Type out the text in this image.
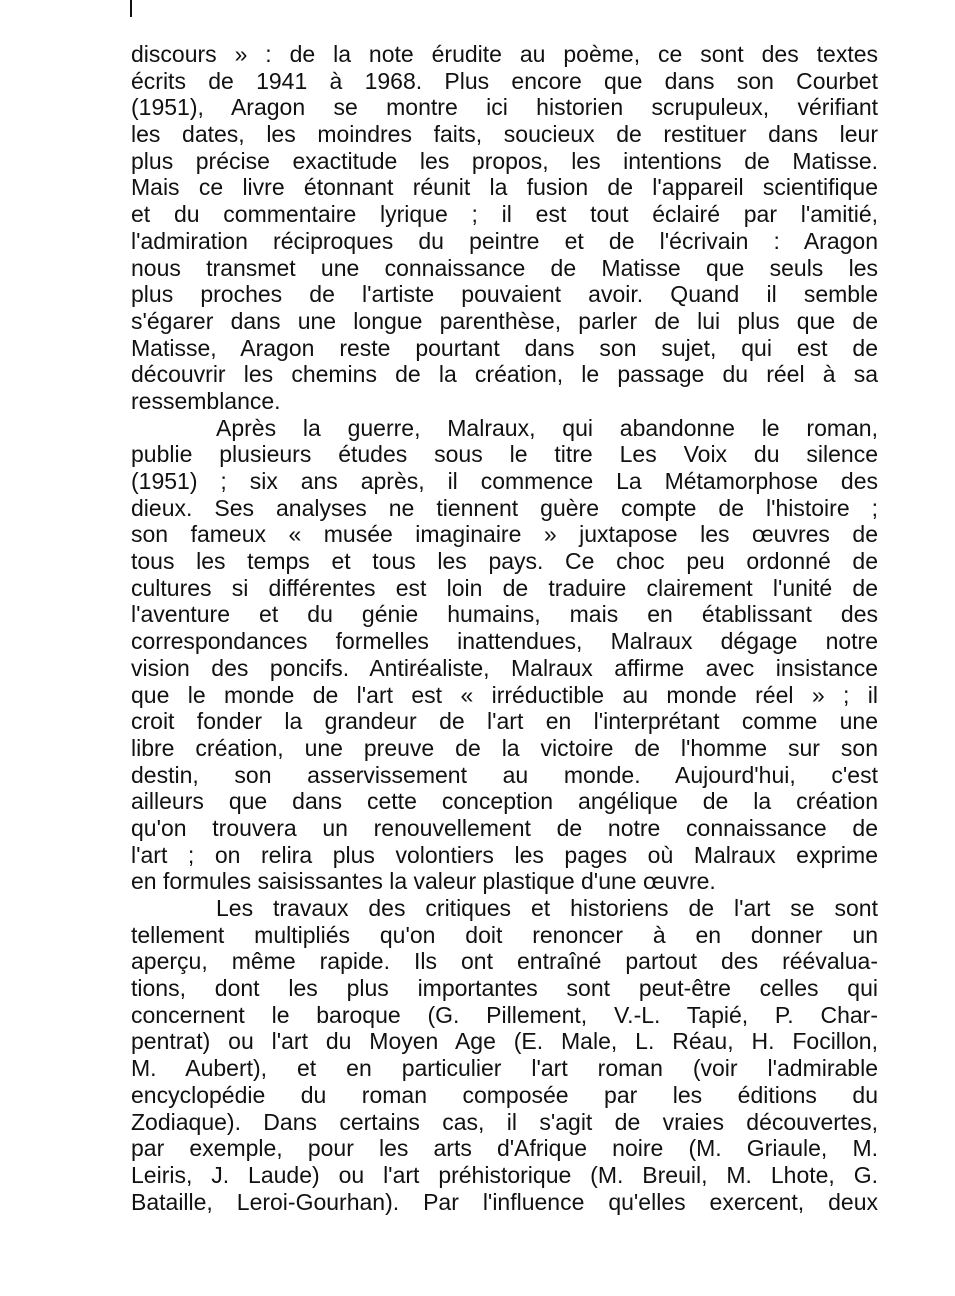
discours » : de la note érudite au poème, ce sont des textes
écrits de 1941 à 1968. Plus encore que dans son Courbet
(1951), Aragon se montre ici historien scrupuleux, vérifiant
les dates, les moindres faits, soucieux de restituer dans leur
plus précise exactitude les propos, les intentions de Matisse.
Mais ce livre étonnant réunit la fusion de l'appareil scientifique
et du commentaire lyrique ; il est tout éclairé par l'amitié,
l'admiration réciproques du peintre et de l'écrivain : Aragon
nous transmet une connaissance de Matisse que seuls les
plus proches de l'artiste pouvaient avoir. Quand il semble
s'égarer dans une longue parenthèse, parler de lui plus que de
Matisse, Aragon reste pourtant dans son sujet, qui est de
découvrir les chemins de la création, le passage du réel à sa
ressemblance.
Après la guerre, Malraux, qui abandonne le roman,
publie plusieurs études sous le titre Les Voix du silence
(1951) ; six ans après, il commence La Métamorphose des
dieux. Ses analyses ne tiennent guère compte de l'histoire ;
son fameux « musée imaginaire » juxtapose les œuvres de
tous les temps et tous les pays. Ce choc peu ordonné de
cultures si différentes est loin de traduire clairement l'unité de
l'aventure et du génie humains, mais en établissant des
correspondances formelles inattendues, Malraux dégage notre
vision des poncifs. Antiréaliste, Malraux affirme avec insistance
que le monde de l'art est « irréductible au monde réel » ; il
croit fonder la grandeur de l'art en l'interprétant comme une
libre création, une preuve de la victoire de l'homme sur son
destin, son asservissement au monde. Aujourd'hui, c'est
ailleurs que dans cette conception angélique de la création
qu'on trouvera un renouvellement de notre connaissance de
l'art ; on relira plus volontiers les pages où Malraux exprime
en formules saisissantes la valeur plastique d'une œuvre.
Les travaux des critiques et historiens de l'art se sont
tellement multipliés qu'on doit renoncer à en donner un
aperçu, même rapide. Ils ont entraîné partout des réévalua-
tions, dont les plus importantes sont peut-être celles qui
concernent le baroque (G. Pillement, V.-L. Tapié, P. Char-
pentrat) ou l'art du Moyen Age (E. Male, L. Réau, H. Focillon,
M. Aubert), et en particulier l'art roman (voir l'admirable
encyclopédie du roman composée par les éditions du
Zodiaque). Dans certains cas, il s'agit de vraies découvertes,
par exemple, pour les arts d'Afrique noire (M. Griaule, M.
Leiris, J. Laude) ou l'art préhistorique (M. Breuil, M. Lhote, G.
Bataille, Leroi-Gourhan). Par l'influence qu'elles exercent, deux
